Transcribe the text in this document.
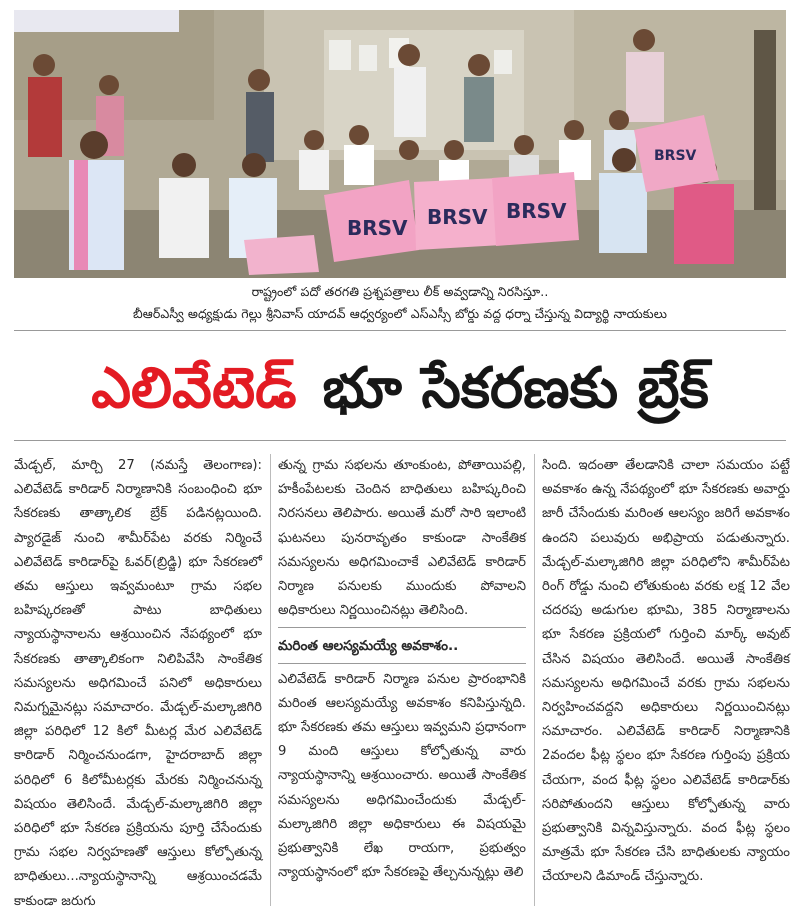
BRSV BRSV BRSV
BRSV
రాష్ట్రంలో పదో తరగతి ప్రశ్నపత్రాలు లీక్ అవ్వడాన్ని నిరసిస్తూ..
బీఆర్ఎస్వీ అధ్యక్షుడు గెల్లు శ్రీనివాస్ యాదవ్ ఆధ్వర్యంలో ఎస్ఎస్సీ బోర్డు వద్ద ధర్నా చేస్తున్న విద్యార్థి నాయకులు
ఎలివేటెడ్ భూ సేకరణకు బ్రేక్

మేడ్చల్, మార్చి 27 (నమస్తే తెలంగాణ): ఎలివేటెడ్ కారిడార్ నిర్మాణానికి సంబంధించి భూ సేకరణకు తాత్కాలిక బ్రేక్ పడినట్లయింది. ప్యారడైజ్ నుంచి శామీర్‌పేట వరకు నిర్మించే ఎలివేటెడ్ కారిడార్‌పై ఓవర్(బ్రిడ్జి) భూ సేకరణలో తమ ఆస్తులు ఇవ్వమంటూ గ్రామ సభల బహిష్కరణతో పాటు బాధితులు న్యాయస్థానాలను ఆశ్రయించిన నేపథ్యంలో భూ సేకరణకు తాత్కాలికంగా నిలిపివేసి సాంకేతిక సమస్యలను అధిగమించే పనిలో అధికారులు నిమగ్నమైనట్లు సమాచారం. మేడ్చల్-మల్కాజిగిరి జిల్లా పరిధిలో 12 కిలో మీటర్ల మేర ఎలివేటెడ్ కారిడార్ నిర్మించనుండగా, హైదరాబాద్ జిల్లా పరిధిలో 6 కిలోమీటర్లకు మేరకు నిర్మించనున్న విషయం తెలిసిందే. మేడ్చల్-మల్కాజిగిరి జిల్లా పరిధిలో భూ సేకరణ ప్రక్రియను పూర్తి చేసేందుకు గ్రామ సభల నిర్వహణతో ఆస్తులు కోల్పోతున్న బాధితులు...న్యాయస్థానాన్ని ఆశ్రయించడమే కాకుండా జరుగు

తున్న గ్రామ సభలను తూంకుంట, పోతాయిపల్లి, హకీంపేటలకు చెందిన బాధితులు బహిష్కరించి నిరసనలు తెలిపారు. అయితే మరో సారి ఇలాంటి ఘటనలు పునరావృతం కాకుండా సాంకేతిక సమస్యలను అధిగమించాకే ఎలివేటెడ్ కారిడార్ నిర్మాణ పనులకు ముందుకు పోవాలని అధికారులు నిర్ణయించినట్లు తెలిసింది.

మరింత ఆలస్యమయ్యే అవకాశం..

ఎలివేటెడ్ కారిడార్ నిర్మాణ పనుల ప్రారంభానికి మరింత ఆలస్యమయ్యే అవకాశం కనిపిస్తున్నది. భూ సేకరణకు తమ ఆస్తులు ఇవ్వమని ప్రధానంగా 9 మంది ఆస్తులు కోల్పోతున్న వారు న్యాయస్థానాన్ని ఆశ్రయించారు. అయితే సాంకేతిక సమస్యలను అధిగమించేందుకు మేడ్చల్-మల్కాజిగిరి జిల్లా అధికారులు ఈ విషయమై ప్రభుత్వానికి లేఖ రాయగా, ప్రభుత్వం న్యాయస్థానంలో భూ సేకరణపై తేల్చనున్నట్లు తెలి

సింది. ఇదంతా తేలడానికి చాలా సమయం పట్టే అవకాశం ఉన్న నేపథ్యంలో భూ సేకరణకు అవార్డు జారీ చేసేందుకు మరింత ఆలస్యం జరిగే అవకాశం ఉందని పలువురు అభిప్రాయ పడుతున్నారు. మేడ్చల్-మల్కాజిగిరి జిల్లా పరిధిలోని శామీర్‌పేట రింగ్ రోడ్డు నుంచి లోతుకుంట వరకు లక్ష 12 వేల చదరపు అడుగుల భూమి, 385 నిర్మాణాలను భూ సేకరణ ప్రక్రియలో గుర్తించి మార్క్ అవుట్ చేసిన విషయం తెలిసిందే. అయితే సాంకేతిక సమస్యలను అధిగమించే వరకు గ్రామ సభలను నిర్వహించవద్దని అధికారులు నిర్ణయించినట్లు సమాచారం. ఎలివేటెడ్ కారిడార్ నిర్మాణానికి 2వందల ఫీట్ల స్థలం భూ సేకరణ గుర్తింపు ప్రక్రియ చేయగా, వంద ఫీట్ల స్థలం ఎలివేటెడ్ కారిడార్‌కు సరిపోతుందని ఆస్తులు కోల్పోతున్న వారు ప్రభుత్వానికి విన్నవిస్తున్నారు. వంద ఫీట్ల స్థలం మాత్రమే భూ సేకరణ చేసి బాధితులకు న్యాయం చేయాలని డిమాండ్ చేస్తున్నారు.
